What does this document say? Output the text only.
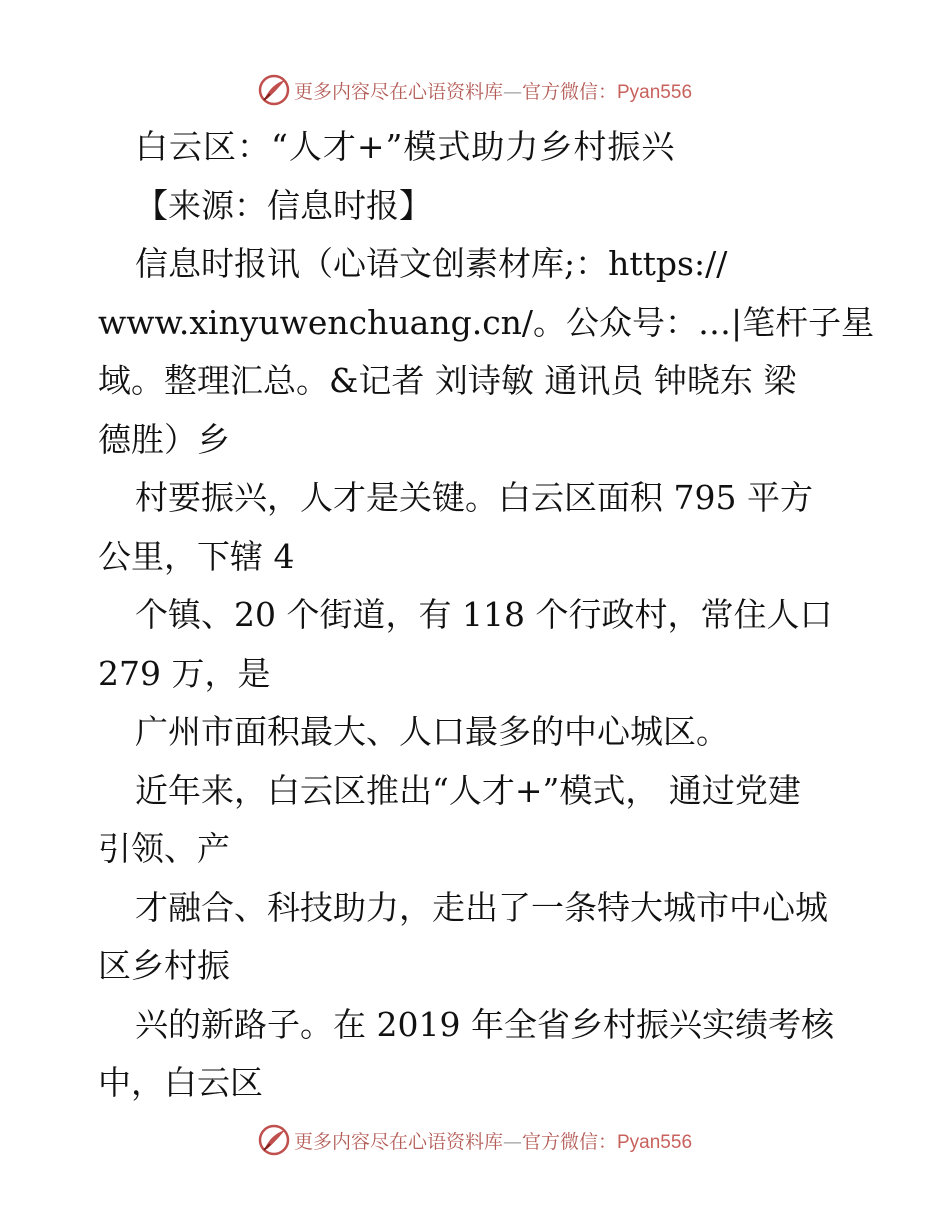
更多内容尽在心语资料库—官方微信：Pyan556
白云区：“人才+”模式助力乡村振兴
【来源：信息时报】
信息时报讯（心语文创素材库;：https://
www.xinyuwenchuang.cn/。公众号：…|笔杆子星
域。整理汇总。&记者 刘诗敏 通讯员 钟晓东 梁
德胜）乡
村要振兴，人才是关键。白云区面积 795 平方
公里，下辖 4
个镇、20 个街道，有 118 个行政村，常住人口
279 万，是
广州市面积最大、人口最多的中心城区。
近年来，白云区推出“人才+”模式， 通过党建
引领、产
才融合、科技助力，走出了一条特大城市中心城
区乡村振
兴的新路子。在 2019 年全省乡村振兴实绩考核
中，白云区
更多内容尽在心语资料库—官方微信：Pyan556
